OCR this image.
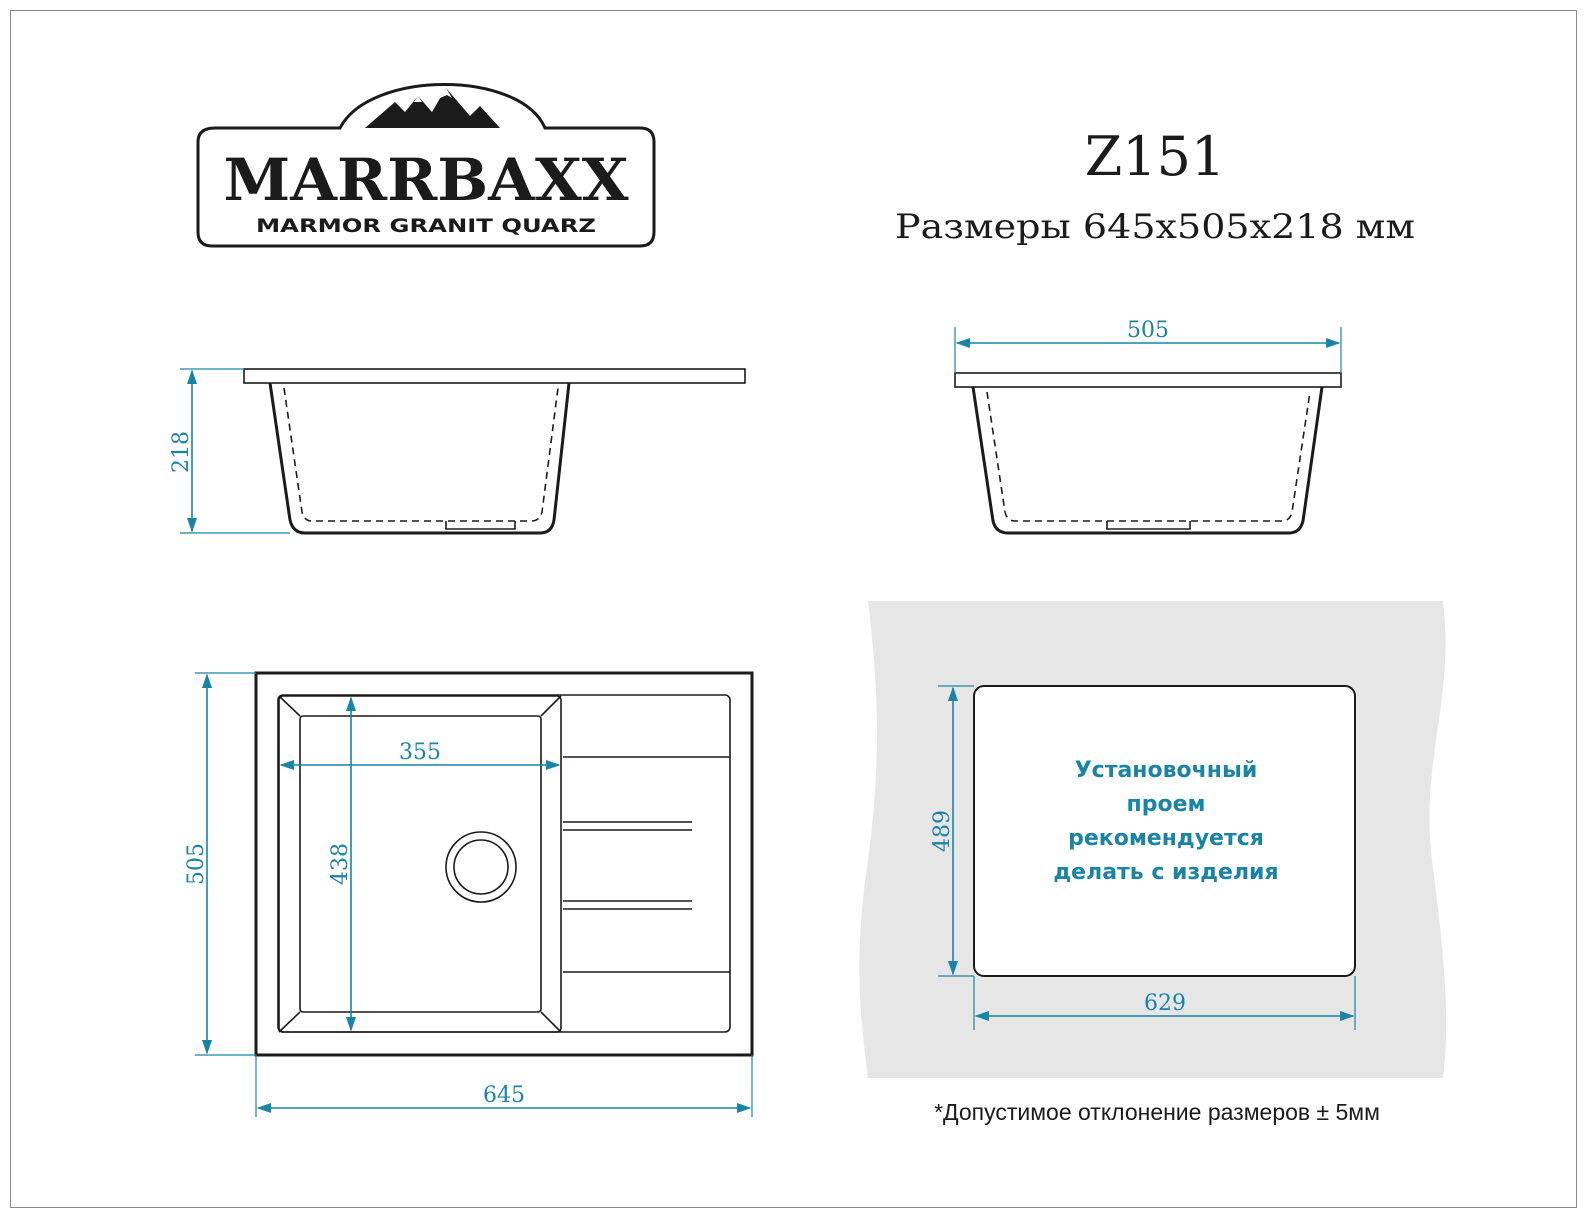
MARRBAXX
MARMOR GRANIT QUARZ
Z151
Размеры 645х505х218 мм
218
505
505
645
355
438
Установочный
проем
рекомендуется
делать с изделия
489
629
*Допустимое отклонение размеров ± 5мм
